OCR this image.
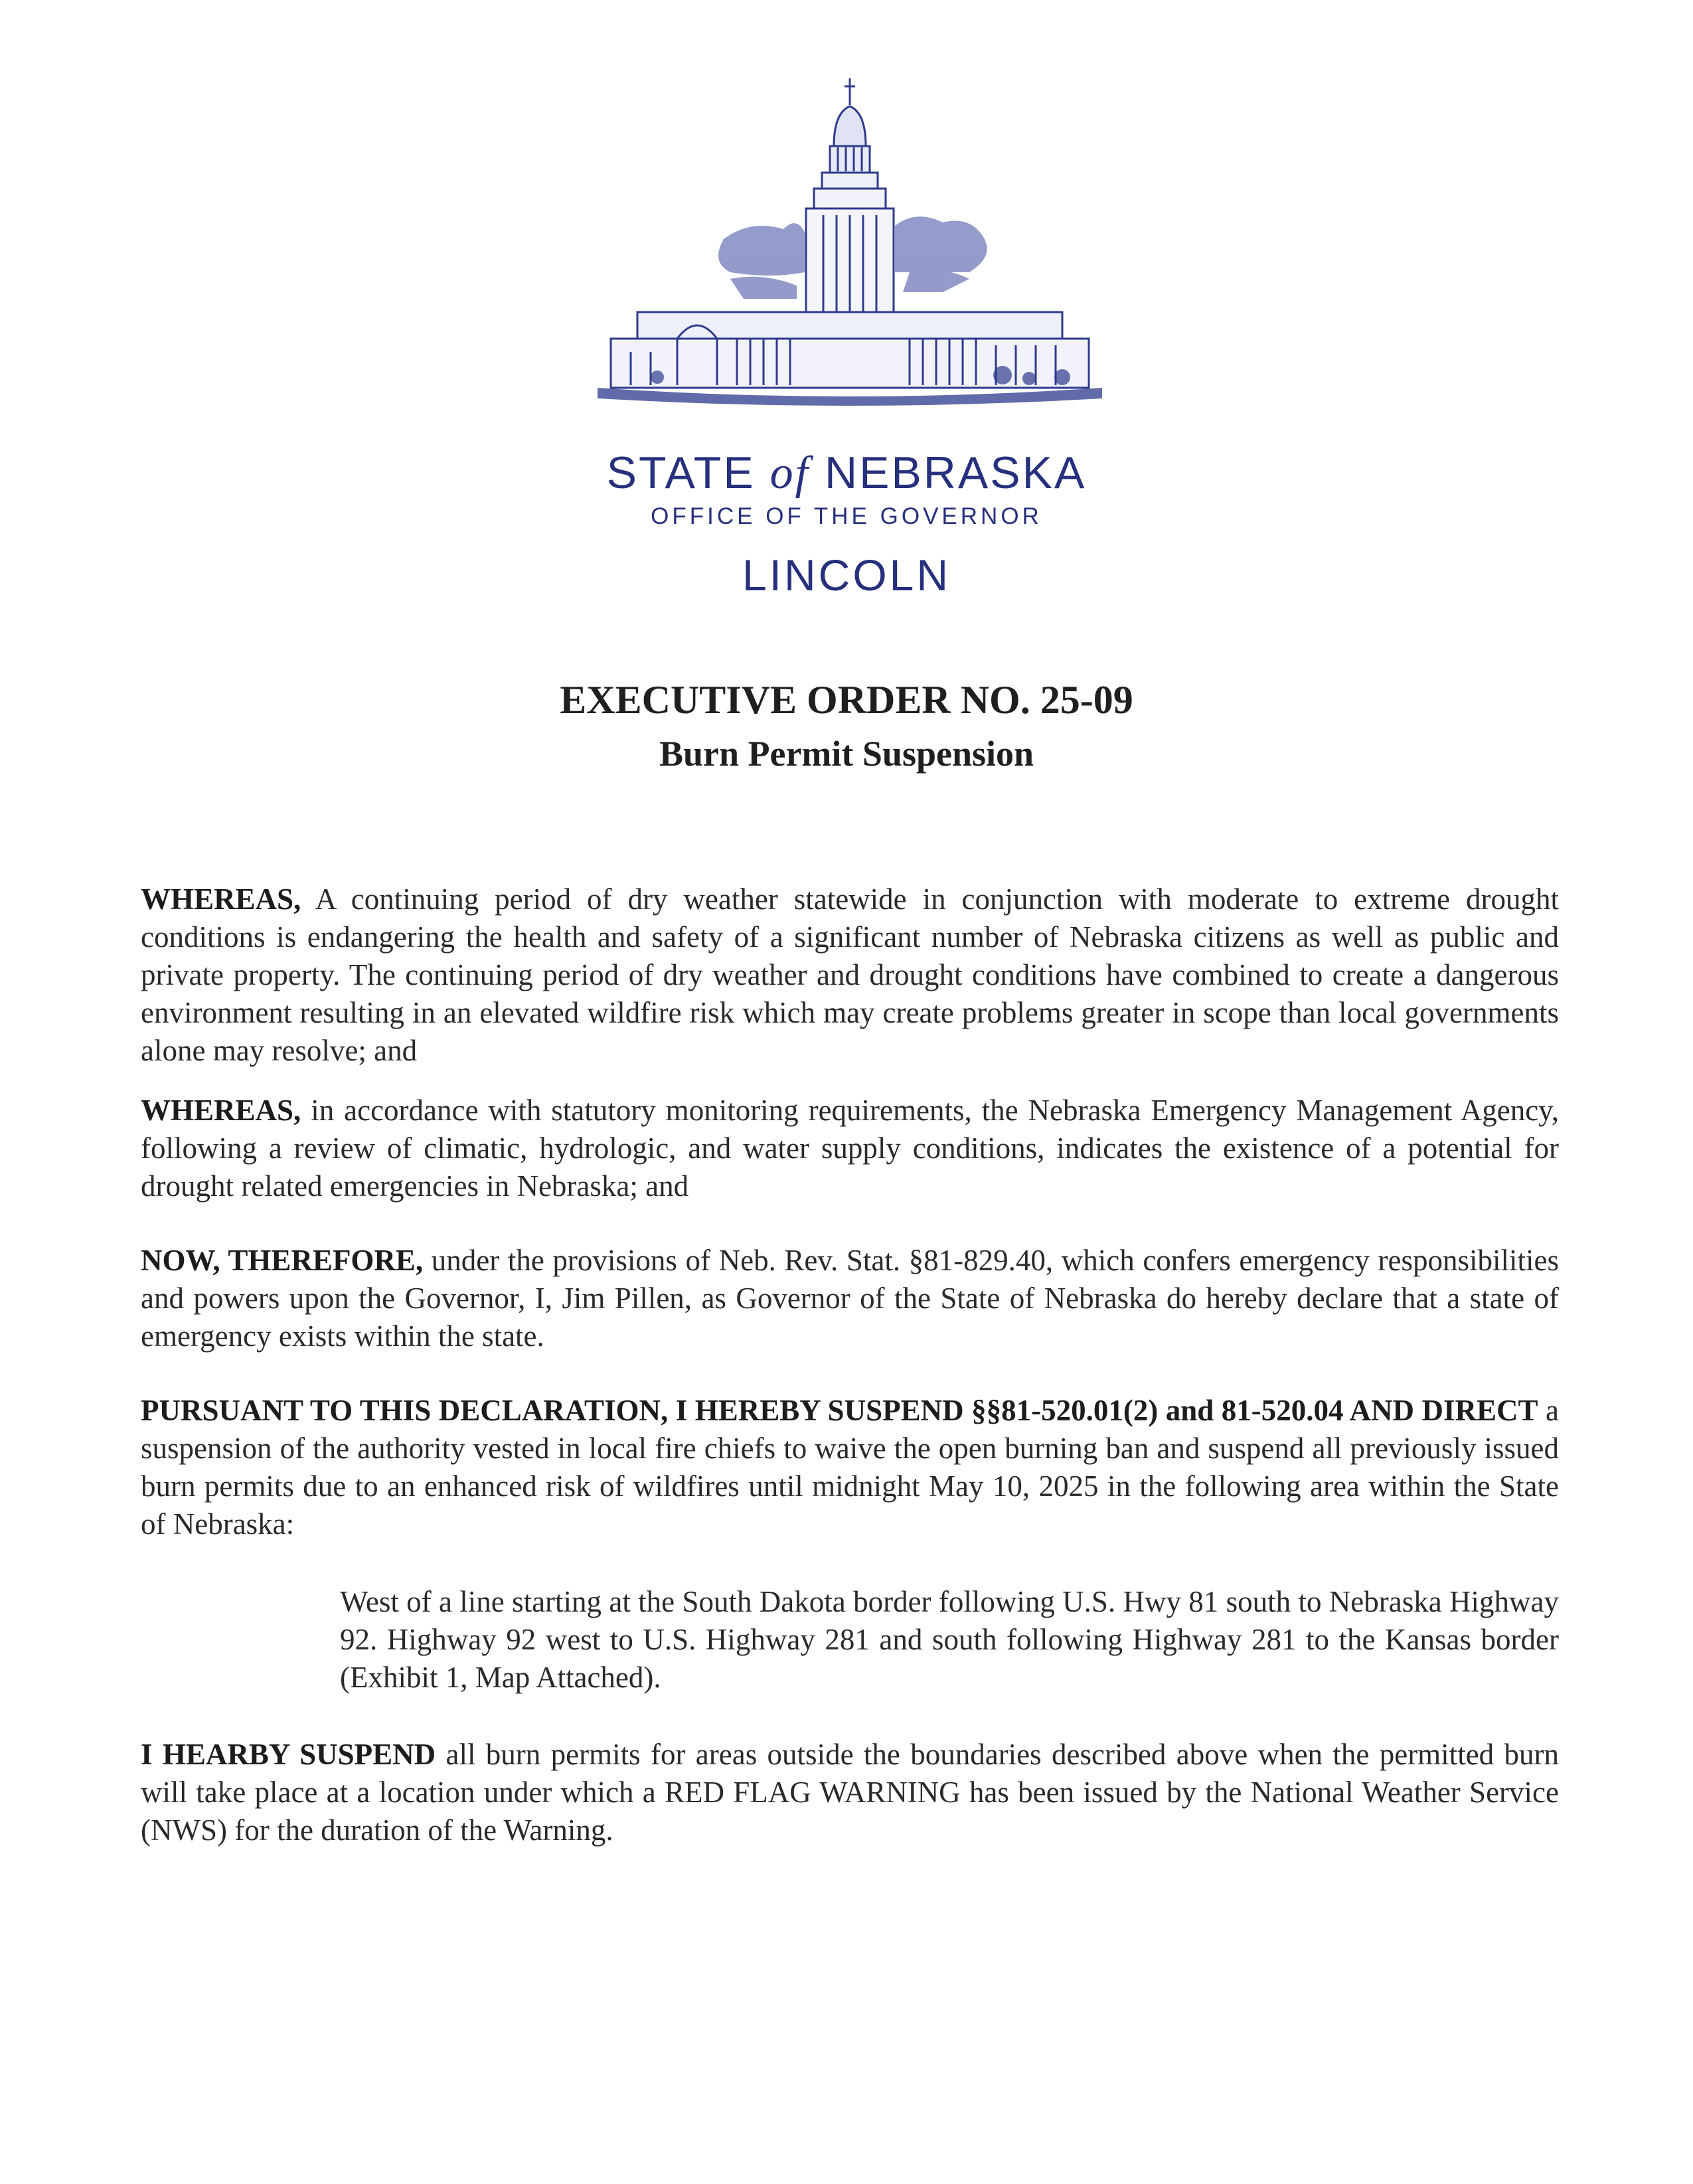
STATE of NEBRASKA
OFFICE OF THE GOVERNOR
LINCOLN
EXECUTIVE ORDER NO. 25-09
Burn Permit Suspension

WHEREAS, A continuing period of dry weather statewide in conjunction with moderate to extreme drought conditions is endangering the health and safety of a significant number of Nebraska citizens as well as public and private property. The continuing period of dry weather and drought conditions have combined to create a dangerous environment resulting in an elevated wildfire risk which may create problems greater in scope than local governments alone may resolve; and

WHEREAS, in accordance with statutory monitoring requirements, the Nebraska Emergency Management Agency, following a review of climatic, hydrologic, and water supply conditions, indicates the existence of a potential for drought related emergencies in Nebraska; and

NOW, THEREFORE, under the provisions of Neb. Rev. Stat. §81-829.40, which confers emergency responsibilities and powers upon the Governor, I, Jim Pillen, as Governor of the State of Nebraska do hereby declare that a state of emergency exists within the state.

PURSUANT TO THIS DECLARATION, I HEREBY SUSPEND §§81-520.01(2) and 81-520.04 AND DIRECT a suspension of the authority vested in local fire chiefs to waive the open burning ban and suspend all previously issued burn permits due to an enhanced risk of wildfires until midnight May 10, 2025 in the following area within the State of Nebraska:

West of a line starting at the South Dakota border following U.S. Hwy 81 south to Nebraska Highway 92. Highway 92 west to U.S. Highway 281 and south following Highway 281 to the Kansas border (Exhibit 1, Map Attached).

I HEARBY SUSPEND all burn permits for areas outside the boundaries described above when the permitted burn will take place at a location under which a RED FLAG WARNING has been issued by the National Weather Service (NWS) for the duration of the Warning.
